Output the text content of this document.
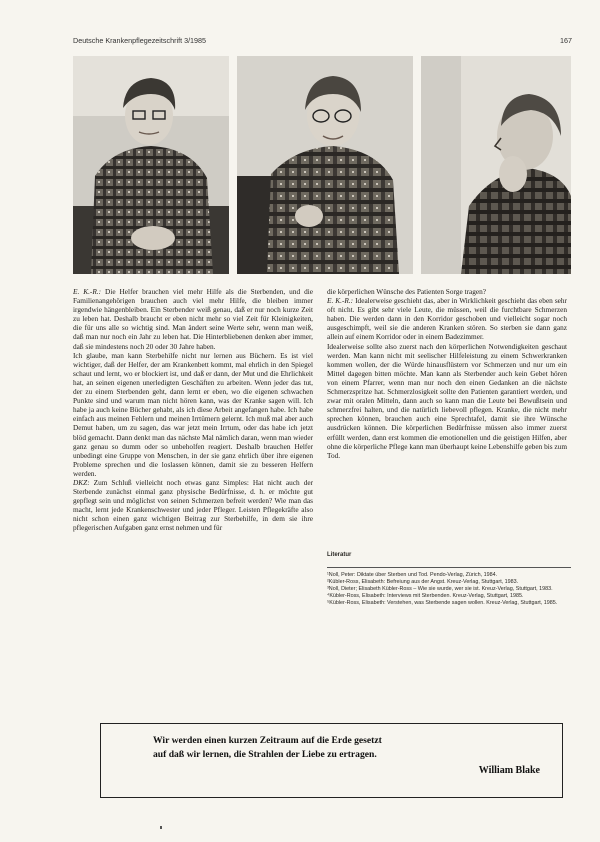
Deutsche Krankenpflegezeitschrift 3/1985	167

E. K.-R.: Die Helfer brauchen viel mehr Hilfe als die Sterbenden, und die Familienangehörigen brauchen auch viel mehr Hilfe, die bleiben immer irgendwie hängenbleiben. Ein Sterbender weiß genau, daß er nur noch kurze Zeit zu leben hat. Deshalb braucht er eben nicht mehr so viel Zeit für Kleinigkeiten, die für uns alle so wichtig sind. Man ändert seine Werte sehr, wenn man weiß, daß man nur noch ein Jahr zu leben hat. Die Hinterbliebenen denken aber immer, daß sie mindestens noch 20 oder 30 Jahre haben.

Ich glaube, man kann Sterbehilfe nicht nur lernen aus Büchern. Es ist viel wichtiger, daß der Helfer, der am Krankenbett kommt, mal ehrlich in den Spiegel schaut und lernt, wo er blockiert ist, und daß er dann, der Mut und die Ehrlichkeit hat, an seinen eigenen unerledigten Geschäften zu arbeiten. Wenn jeder das tut, der zu einem Sterbenden geht, dann lernt er eben, wo die eigenen schwachen Punkte sind und warum man nicht hören kann, was der Kranke sagen will. Ich habe ja auch keine Bücher gehabt, als ich diese Arbeit angefangen habe. Ich habe einfach aus meinen Fehlern und meinen Irrtümern gelernt. Ich muß mal aber auch Demut haben, um zu sagen, das war jetzt mein Irrtum, oder das habe ich jetzt blöd gemacht. Dann denkt man das nächste Mal nämlich daran, wenn man wieder ganz genau so dumm oder so unbeholfen reagiert. Deshalb brauchen Helfer unbedingt eine Gruppe von Menschen, in der sie ganz ehrlich über ihre eigenen Probleme sprechen und die loslassen können, damit sie zu besseren Helfern werden.

DKZ: Zum Schluß vielleicht noch etwas ganz Simples: Hat nicht auch der Sterbende zunächst einmal ganz physische Bedürfnisse, d. h. er möchte gut gepflegt sein und möglichst von seinen Schmerzen befreit werden? Wie man das macht, lernt jede Krankenschwester und jeder Pfleger. Leisten Pflegekräfte also nicht schon einen ganz wichtigen Beitrag zur Sterbehilfe, in dem sie ihre pflegerischen Aufgaben ganz ernst nehmen und für

die körperlichen Wünsche des Patienten Sorge tragen?

E. K.-R.: Idealerweise geschieht das, aber in Wirklichkeit geschieht das eben sehr oft nicht. Es gibt sehr viele Leute, die müssen, weil die furchtbare Schmerzen haben. Die werden dann in den Korridor geschoben und vielleicht sogar noch ausgeschimpft, weil sie die anderen Kranken stören. So sterben sie dann ganz allein auf einem Korridor oder in einem Badezimmer.

Idealerweise sollte also zuerst nach den körperlichen Notwendigkeiten geschaut werden. Man kann nicht mit seelischer Hilfeleistung zu einem Schwerkranken kommen wollen, der die Würde hinausflüstern vor Schmerzen und nur um ein Mittel dagegen bitten möchte. Man kann als Sterbender auch kein Gebet hören von einem Pfarrer, wenn man nur noch den einen Gedanken an die nächste Schmerzspritze hat. Schmerzlosigkeit sollte den Patienten garantiert werden, und zwar mit oralen Mitteln, dann auch so kann man die Leute bei Bewußtsein und schmerzfrei halten, und die natürlich liebevoll pflegen. Kranke, die nicht mehr sprechen können, brauchen auch eine Sprechtafel, damit sie ihre Wünsche ausdrücken können. Die körperlichen Bedürfnisse müssen also immer zuerst erfüllt werden, dann erst kommen die emotionellen und die geistigen Hilfen, aber ohne die körperliche Pflege kann man überhaupt keine Lebenshilfe geben bis zum Tod.

Literatur

¹Noll, Peter: Diktate über Sterben und Tod. Pendo-Verlag, Zürich, 1984.

²Kübler-Ross, Elisabeth: Befreiung aus der Angst. Kreuz-Verlag, Stuttgart, 1983.

³Noll, Dieter; Elisabeth Kübler-Ross – Wie sie wurde, wer sie ist. Kreuz-Verlag, Stuttgart, 1983.

⁴Kübler-Ross, Elisabeth: Interviews mit Sterbenden. Kreuz-Verlag, Stuttgart, 1985.

⁵Kübler-Ross, Elisabeth: Verstehen, was Sterbende sagen wollen. Kreuz-Verlag, Stuttgart, 1985.

Wir werden einen kurzen Zeitraum auf die Erde gesetzt
auf daß wir lernen, die Strahlen der Liebe zu ertragen.
William Blake
